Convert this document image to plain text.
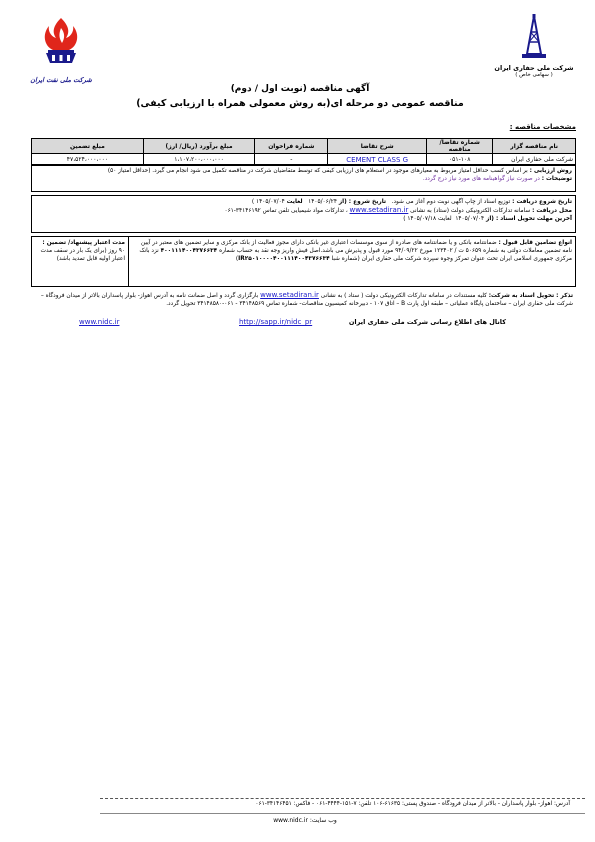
شرکت ملی حفاری ایران
( سهامی خاص )
شرکت ملی نفت ایران
آگهی مناقصه (نوبت اول / دوم)
مناقصه عمومی دو مرحله ای(به روش معمولی همراه با ارزیابی کیفی)
مشخصات مناقصه :
نام مناقصه گزار	شماره تقاضا/ مناقصه	شرح تقاضا	شماره فراخوان	مبلغ برآورد (ریال/ ارز)	مبلغ تضمین
شرکت ملی حفاری ایران	۰۵۱-۱۰۸	CEMENT CLASS G	-	۱،۱۰۷،۲۰۰،۰۰۰،۰۰۰	۴۷،۵۲۴،۰۰۰،۰۰۰
روش ارزیابی : بر اساس کسب حداقل امتیاز مربوط به معیارهای موجود در استعلام های ارزیابی کیفی که توسط متقاضیان شرکت در مناقصه تکمیل می شود انجام می گیرد. (حداقل امتیاز ۵۰)
توضیحات : در صورت نیاز گواهینامه های مورد نیاز درج گردد.
تاریخ شروع دریافت : توزیع اسناد از چاپ آگهی نوبت دوم آغاز می شود.   تاریخ شروع : (از ۱۴۰۵/۰۶/۲۴   لغایت ۱۴۰۵/۰۷/۰۴ )
محل دریافت : سامانه تدارکات الکترونیکی دولت (ستاد) به نشانی www.setadiran.ir ، تدارکات مواد شیمیایی تلفن تماس ۳۴۱۴۶۱۹۲-۰۶۱
آخرین مهلت تحویل اسناد : (از ۱۴۰۵/۰۷/۰۴  لغایت ۱۴۰۵/۰۷/۱۸ )
انواع تضامین قابل قبول : ضمانتنامه بانکی و یا ضمانتنامه های صادره از سوی موسسات اعتباری غیر بانکی دارای مجوز فعالیت از بانک مرکزی و سایر تضمین های معتبر در آیین نامه تضمین معاملات دولتی به شماره ۵۰۶۵۹ ت / ۱۲۳۴۰۲ مورخ ۹۴/۰۹/۲۲ مورد قبول و پذیرش می باشد.اصل فیش واریز وجه نقد به حساب شماره ۴۰۰۱۱۱۴۰۰۴۳۷۶۶۳۴ نزد بانک مرکزی جمهوری اسلامی ایران تحت عنوان تمرکز وجوه سپرده شرکت ملی حفاری ایران (شماره شبا IR۲۵۰۱۰۰۰۰۴۰۰۱۱۱۴۰۰۴۳۷۶۶۳۴)
مدت اعتبار پیشنهاد/ تضمین : ۹۰ روز (برای یک بار در سقف مدت اعتبار اولیه قابل تمدید باشد)
تذکر : تحویل اسناد به شرکت: کلیه مستندات در سامانه تدارکات الکترونیکی دولت ( ستاد ) به نشانی www.setadiran.ir بارگزاری گردد و اصل ضمانت نامه به آدرس اهواز- بلوار پاسداران بالاتر از میدان فرودگاه – شرکت ملی حفاری ایران – ساختمان پایگاه عملیاتی – طبقه اول پارت B – اتاق ۱۰۷ - دبیرخانه کمیسیون مناقصات- شماره تماس ۳۴۱۴۸۵۶۹ - ۰۶۱-۳۴۱۴۸۵۸۰ تحویل گردد.
www.nidc.ir	http://sapp.ir/nidc_pr	کانال های اطلاع رسانی شرکت ملی حفاری ایران
آدرس: اهواز- بلوار پاسداران - بالاتر از میدان فرودگاه - صندوق پستی: ۶۱۶۳۵-۱۰۶ تلفن: ۷-۱۵۱-۴۴۴۴-۰۶۱ - فاکس: ۳۴۱۴۶۴۵۱-۰۶۱
وب سایت: www.nidc.ir
